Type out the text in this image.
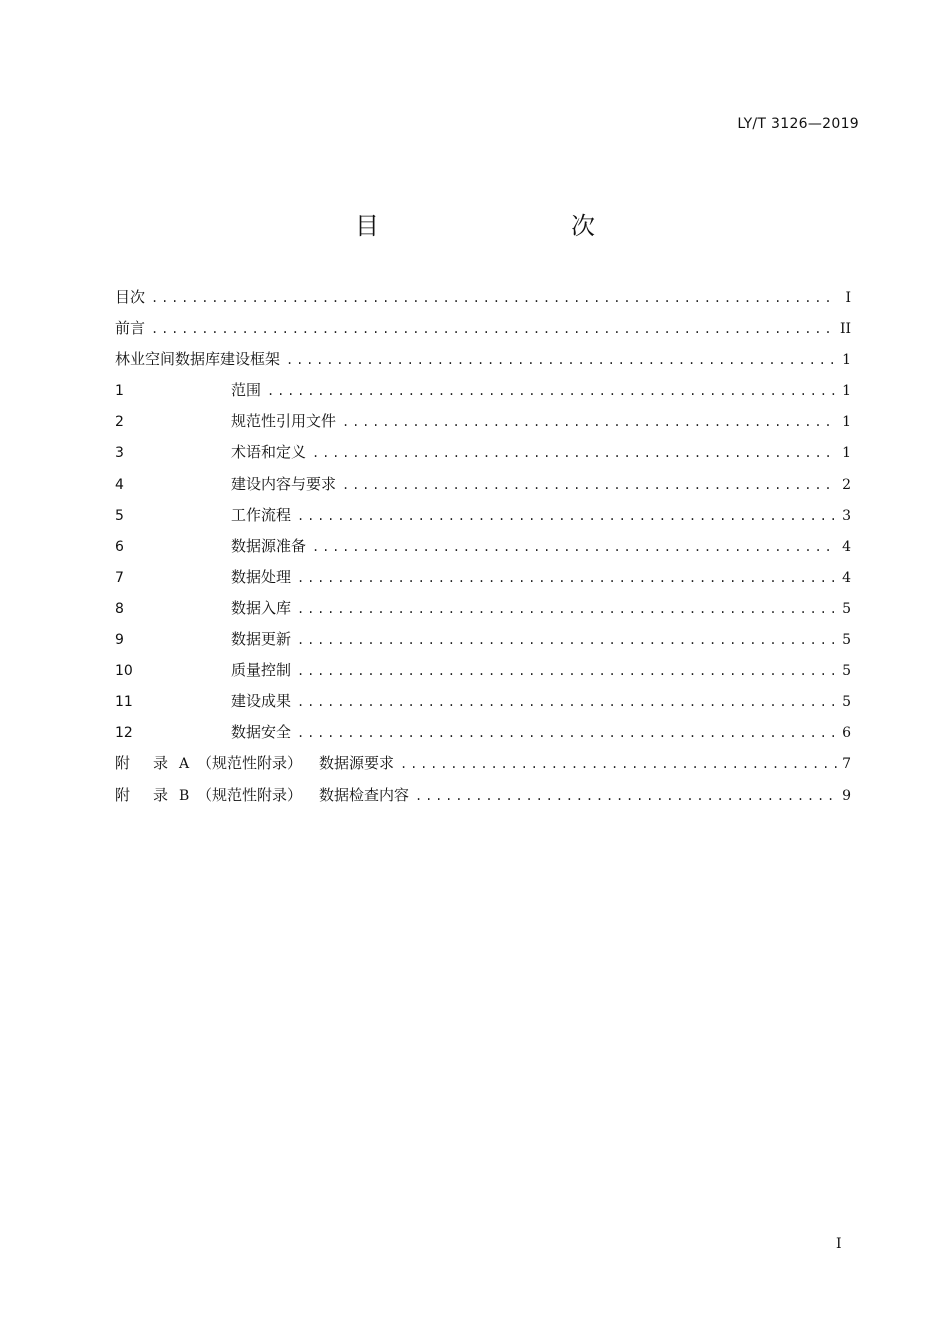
LY/T 3126—2019
目　　次
目次 . . .	I
前言 . . .	II
林业空间数据库建设框架 . . .	1
1	范围 . . .	1
2	规范性引用文件 . . .	1
3	术语和定义 . . .	1
4	建设内容与要求 . . .	2
5	工作流程 . . .	3
6	数据源准备 . . .	4
7	数据处理 . . .	4
8	数据入库 . . .	5
9	数据更新 . . .	5
10	质量控制 . . .	5
11	建设成果 . . .	5
12	数据安全 . . .	6
附	录 A （规范性附录）	数据源要求 . . .	7
附	录 B （规范性附录）	数据检查内容 . . .	9
I
